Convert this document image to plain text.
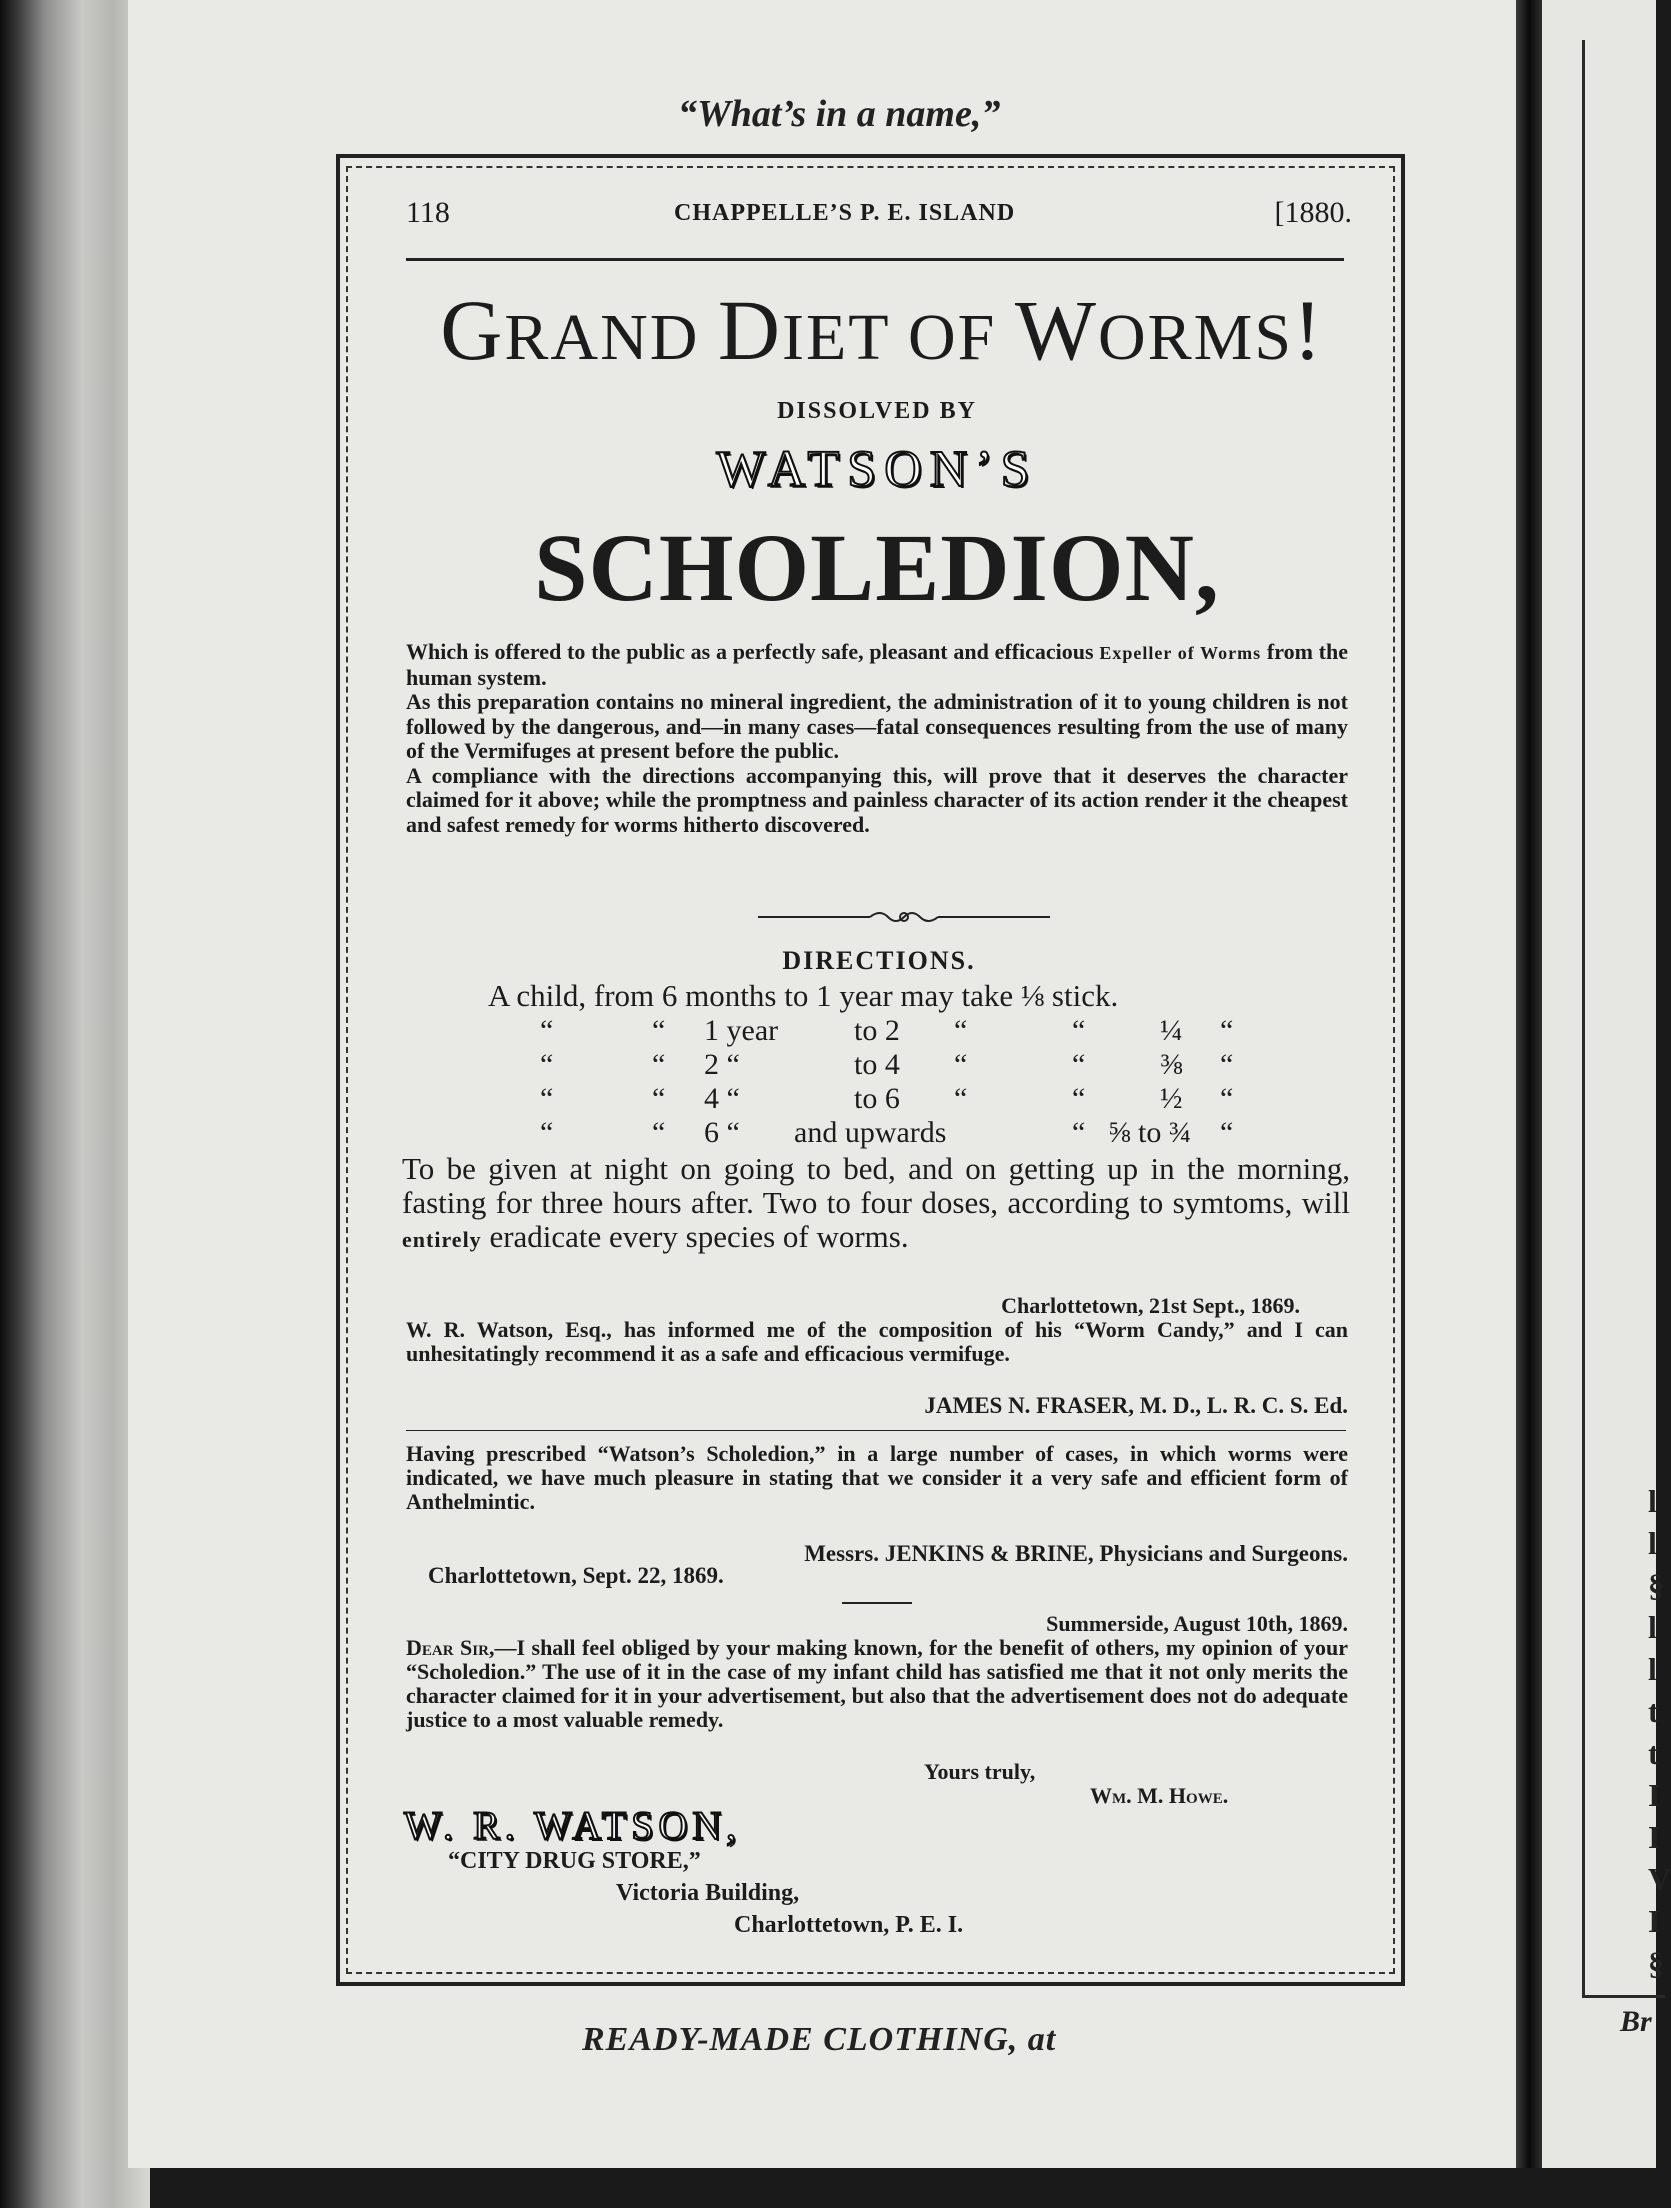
l
l
§
l
l
t
t
I
I
V
I
§
Br
“What’s in a name,”
118	CHAPPELLE’S P. E. ISLAND	[1880.
GRAND DIET OF WORMS!
DISSOLVED BY
WATSON’S
SCHOLEDION,

Which is offered to the public as a perfectly safe, pleasant and efficacious Expeller of Worms from the human system.

As this preparation contains no mineral ingredient, the administration of it to young children is not followed by the dangerous, and—in many cases—fatal consequences resulting from the use of many of the Vermifuges at present before the public.

A compliance with the directions accompanying this, will prove that it deserves the character claimed for it above; while the promptness and painless character of its action render it the cheapest and safest remedy for worms hitherto discovered.

DIRECTIONS.
A child, from 6 months to 1 year may take ⅛ stick.
“	“ 1 year	to 2 “	“ ¼ “
“	“ 2 “	to 4 “	“ ⅜ “
“	“ 4 “	to 6 “	“ ½ “
“	“ 6 “ and upwards	“ ⅝ to ¾ “
To be given at night on going to bed, and on getting up in the morning, fasting for three hours after. Two to four doses, according to symtoms, will entirely eradicate every species of worms.
Charlottetown, 21st Sept., 1869.
W. R. Watson, Esq., has informed me of the composition of his “Worm Candy,” and I can unhesitatingly recommend it as a safe and efficacious vermifuge.
JAMES N. FRASER, M. D., L. R. C. S. Ed.
Having prescribed “Watson’s Scholedion,” in a large number of cases, in which worms were indicated, we have much pleasure in stating that we consider it a very safe and efficient form of Anthelmintic.
Messrs. JENKINS & BRINE, Physicians and Surgeons.
Charlottetown, Sept. 22, 1869.
Summerside, August 10th, 1869.
Dear Sir,—I shall feel obliged by your making known, for the benefit of others, my opinion of your “Scholedion.” The use of it in the case of my infant child has satisfied me that it not only merits the character claimed for it in your advertisement, but also that the advertisement does not do adequate justice to a most valuable remedy.
Yours truly,
Wm. M. Howe.
W. R. WATSON,
“CITY DRUG STORE,”
Victoria Building,
Charlottetown, P. E. I.
READY-MADE CLOTHING, at
